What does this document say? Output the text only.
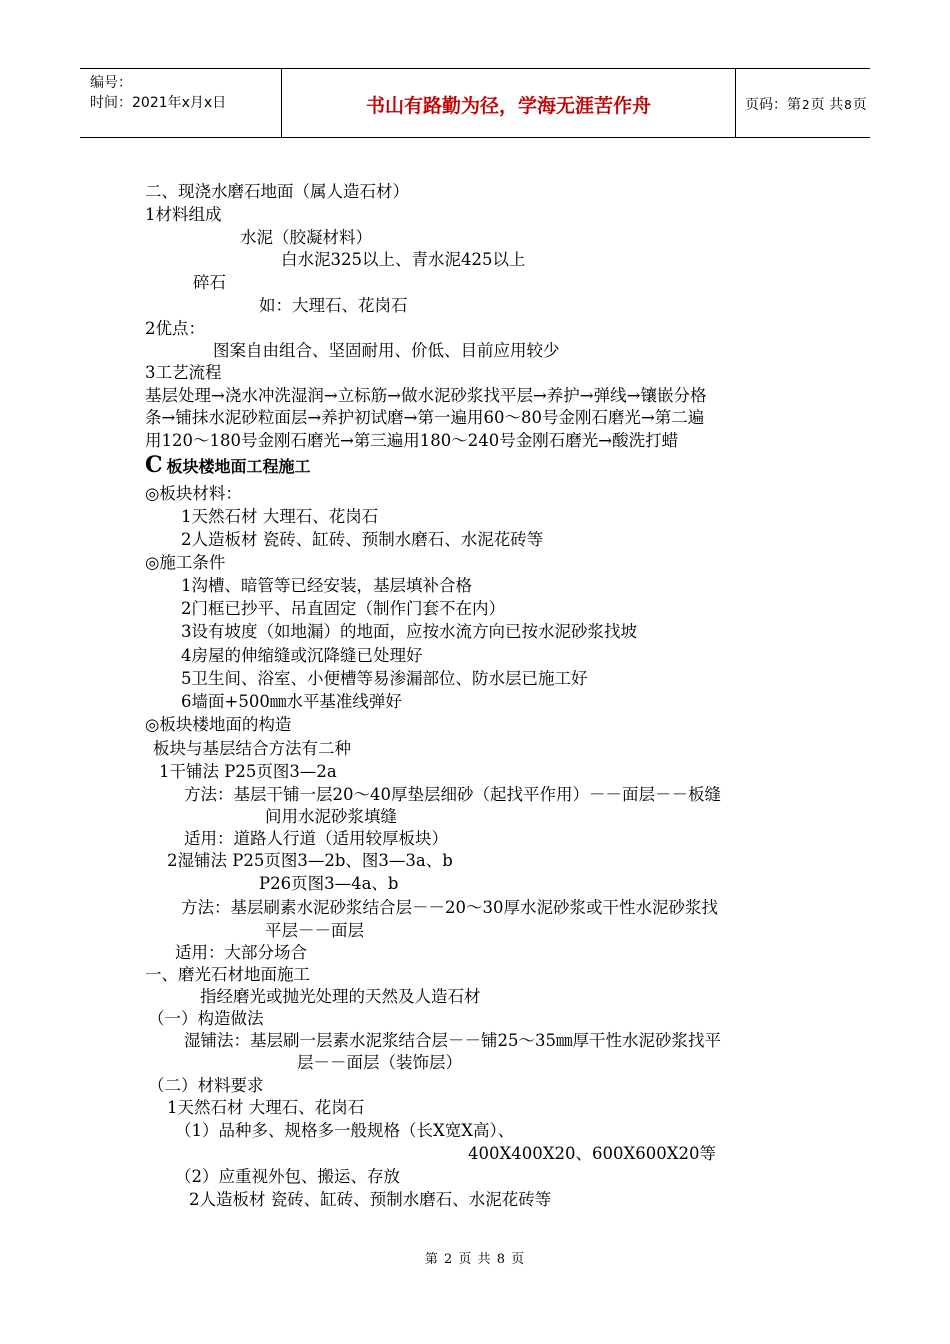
编号：
时间：2021年x月x日	书山有路勤为径，学海无涯苦作舟	页码：第2页 共8页
二、现浇水磨石地面（属人造石材）
1材料组成
水泥（胶凝材料）
白水泥325以上、青水泥425以上
碎石
如：大理石、花岗石
2优点：
图案自由组合、坚固耐用、价低、目前应用较少
3工艺流程
基层处理→浇水冲洗湿润→立标筋→做水泥砂浆找平层→养护→弹线→镶嵌分格
条→铺抹水泥砂粒面层→养护初试磨→第一遍用60～80号金刚石磨光→第二遍
用120～180号金刚石磨光→第三遍用180～240号金刚石磨光→酸洗打蜡
C 板块楼地面工程施工
◎板块材料：
1天然石材 大理石、花岗石
2人造板材 瓷砖、缸砖、预制水磨石、水泥花砖等
◎施工条件
1沟槽、暗管等已经安装，基层填补合格
2门框已抄平、吊直固定（制作门套不在内）
3设有坡度（如地漏）的地面，应按水流方向已按水泥砂浆找坡
4房屋的伸缩缝或沉降缝已处理好
5卫生间、浴室、小便槽等易渗漏部位、防水层已施工好
6墙面+500㎜水平基准线弹好
◎板块楼地面的构造
板块与基层结合方法有二种
1干铺法 P25页图3—2a
方法：基层干铺一层20～40厚垫层细砂（起找平作用）－－面层－－板缝
间用水泥砂浆填缝
适用：道路人行道（适用较厚板块）
2湿铺法 P25页图3—2b、图3—3a、b
P26页图3—4a、b
方法：基层刷素水泥砂浆结合层－－20～30厚水泥砂浆或干性水泥砂浆找
平层－－面层
适用：大部分场合
一、磨光石材地面施工
指经磨光或抛光处理的天然及人造石材
（一）构造做法
湿铺法：基层刷一层素水泥浆结合层－－铺25～35㎜厚干性水泥砂浆找平
层－－面层（装饰层）
（二）材料要求
1天然石材 大理石、花岗石
（1）品种多、规格多一般规格（长X宽X高）、
400X400X20、600X600X20等
（2）应重视外包、搬运、存放
2人造板材 瓷砖、缸砖、预制水磨石、水泥花砖等
第 2 页 共 8 页
